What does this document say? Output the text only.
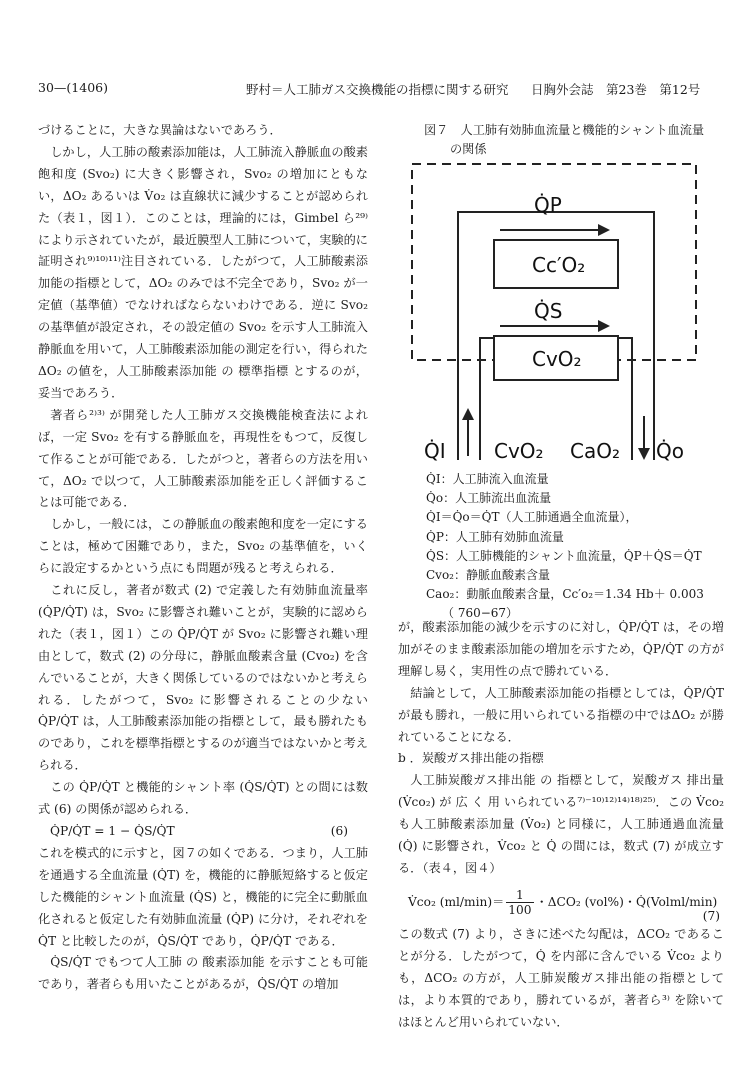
30—(1406)	野村＝人工肺ガス交換機能の指標に関する研究 日胸外会誌　第23巻　第12号

づけることに，大きな異論はないであろう．

しかし，人工肺の酸素添加能は，人工肺流入静脈血の酸素飽和度 (Svo₂) に大きく影響され，Svo₂ の増加にともない，ΔO₂ あるいは V̇o₂ は直線状に減少することが認められた（表１，図１）．このことは，理論的には，Gimbel ら²⁹⁾により示されていたが，最近膜型人工肺について，実験的に証明され⁹⁾¹⁰⁾¹¹⁾注目されている．したがつて，人工肺酸素添加能の指標として，ΔO₂ のみでは不完全であり，Svo₂ が一定値（基準値）でなければならないわけである．逆に Svo₂ の基準値が設定され，その設定値の Svo₂ を示す人工肺流入静脈血を用いて，人工肺酸素添加能の測定を行い，得られたΔO₂ の値を，人工肺酸素添加能 の 標準指標 とするのが，妥当であろう．

著者ら²⁾³⁾ が開発した人工肺ガス交換機能検査法によれば，一定 Svo₂ を有する静脈血を，再現性をもつて，反復して作ることが可能である．したがつと，著者らの方法を用いて，ΔO₂ で以つて，人工肺酸素添加能を正しく評価することは可能である．

しかし，一般には，この静脈血の酸素飽和度を一定にすることは，極めて困難であり，また，Svo₂ の基準値を，いくらに設定するかという点にも問題が残ると考えられる．

これに反し，著者が数式 (2) で定義した有効肺血流量率 (Q̇P/Q̇T) は，Svo₂ に影響され難いことが，実験的に認められた（表１，図１）この Q̇P/Q̇T が Svo₂ に影響され難い理由として，数式 (2) の分母に，静脈血酸素含量 (Cvo₂) を含んでいることが，大きく関係しているのではないかと考えられる．したがつて，Svo₂ に影響されることの少ない Q̇P/Q̇T は，人工肺酸素添加能の指標として，最も勝れたものであり，これを標準指標とするのが適当ではないかと考えられる．

この Q̇P/Q̇T と機能的シャント率 (Q̇S/Q̇T) との間には数式 (6) の関係が認められる．

Q̇P/Q̇T = 1 − Q̇S/Q̇T	(6)

これを模式的に示すと，図７の如くである．つまり，人工肺を通過する全血流量 (Q̇T) を，機能的に静脈短絡すると仮定した機能的シャント血流量 (Q̇S) と，機能的に完全に動脈血化されると仮定した有効肺血流量 (Q̇P) に分け，それぞれを Q̇T と比較したのが，Q̇S/Q̇T であり，Q̇P/Q̇T である．

Q̇S/Q̇T でもつて人工肺 の 酸素添加能 を示すことも可能であり，著者らも用いたことがあるが，Q̇S/Q̇T の増加

図７　人工肺有効肺血流量と機能的シャント血流量
の関係
Q̇P
Cc′O₂
Q̇S
CvO₂
Q̇I CvO₂ CaO₂ Q̇o
Q̇I：人工肺流入血流量
Q̇o：人工肺流出血流量
Q̇I＝Q̇o＝Q̇T（人工肺通過全血流量），
Q̇P：人工肺有効肺血流量
Q̇S：人工肺機能的シャント血流量，Q̇P＋Q̇S＝Q̇T
Cvo₂：静脈血酸素含量
Cao₂：動脈血酸素含量，Cc′o₂＝1.34 Hb＋ 0.003
（ 760−67）

が，酸素添加能の減少を示すのに対し，Q̇P/Q̇T は，その増加がそのまま酸素添加能の増加を示すため，Q̇P/Q̇T の方が理解し易く，実用性の点で勝れている．

結論として，人工肺酸素添加能の指標としては，Q̇P/Q̇T が最も勝れ，一般に用いられている指標の中ではΔO₂ が勝れていることになる．

b ．炭酸ガス排出能の指標

人工肺炭酸ガス排出能 の 指標として，炭酸ガス 排出量 (V̇co₂) が 広 く 用 いられている⁷⁾⁻¹⁰⁾¹²⁾¹⁴⁾¹⁸⁾²⁵⁾．この V̇co₂ も人工肺酸素添加量 (V̇o₂) と同様に，人工肺通過血流量 (Q̇) に影響され，V̇co₂ と Q̇ の間には，数式 (7) が成立する．（表４，図４）

V̇co₂ $(ml/\min)= \frac{1}{100}$ ・ΔCO₂ (vol%)・Q̇(Volml/min)
(7)

この数式 (7) より，さきに述べた勾配は，ΔCO₂ であることが分る．したがつて，Q̇ を内部に含んでいる V̇co₂ よりも，ΔCO₂ の方が，人工肺炭酸ガス排出能の指標としては，より本質的であり，勝れているが，著者ら³⁾ を除いてはほとんど用いられていない．
